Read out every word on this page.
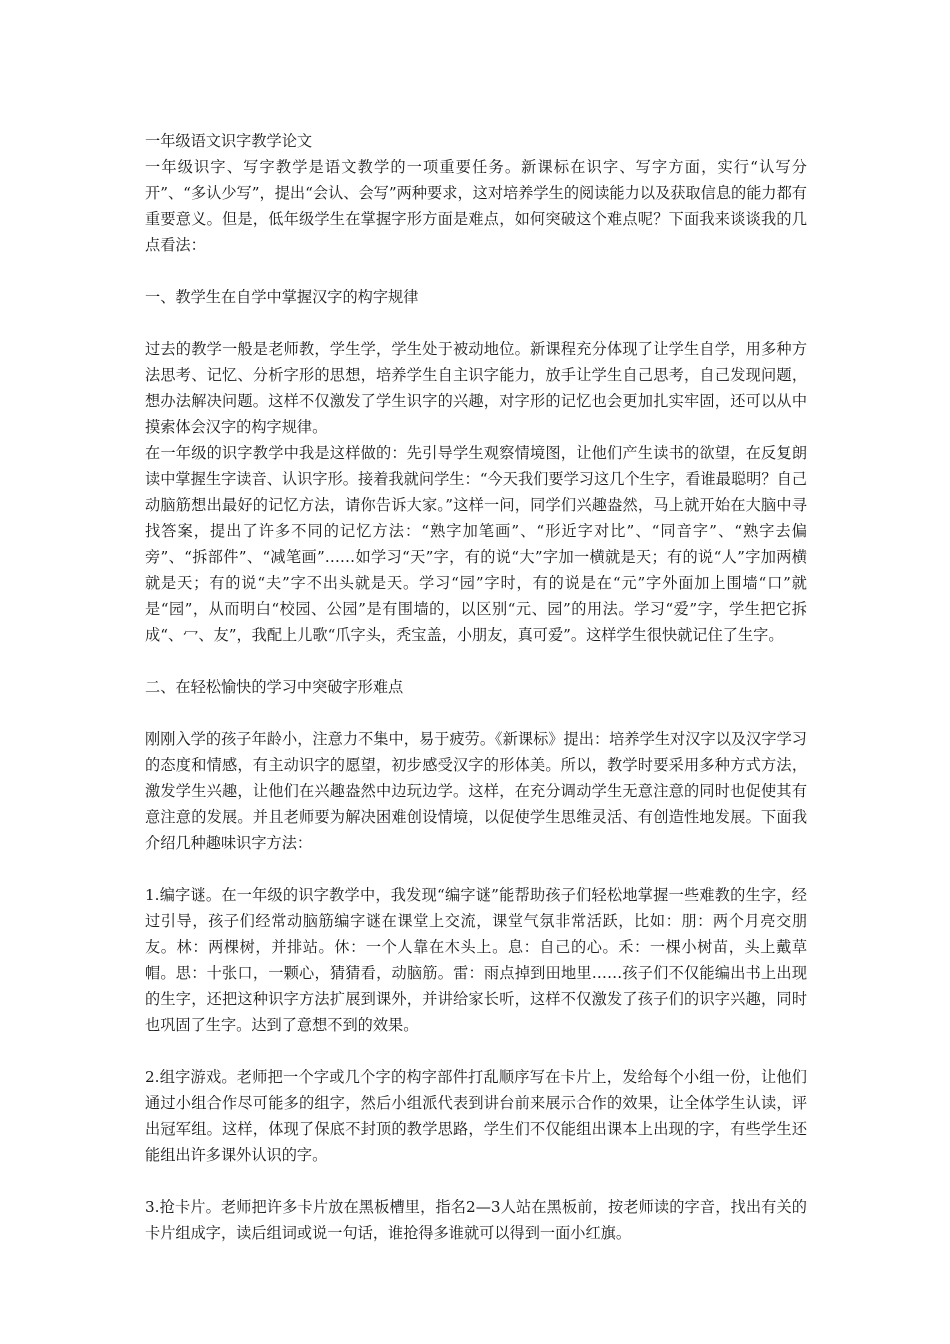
一年级语文识字教学论文

一年级识字、写字教学是语文教学的一项重要任务。新课标在识字、写字方面，实行“认写分开”、“多认少写”，提出“会认、会写”两种要求，这对培养学生的阅读能力以及获取信息的能力都有重要意义。但是，低年级学生在掌握字形方面是难点，如何突破这个难点呢？下面我来谈谈我的几点看法：

一、教学生在自学中掌握汉字的构字规律

过去的教学一般是老师教，学生学，学生处于被动地位。新课程充分体现了让学生自学，用多种方法思考、记忆、分析字形的思想，培养学生自主识字能力，放手让学生自己思考，自己发现问题，想办法解决问题。这样不仅激发了学生识字的兴趣，对字形的记忆也会更加扎实牢固，还可以从中摸索体会汉字的构字规律。

在一年级的识字教学中我是这样做的：先引导学生观察情境图，让他们产生读书的欲望，在反复朗读中掌握生字读音、认识字形。接着我就问学生：“今天我们要学习这几个生字，看谁最聪明？自己动脑筋想出最好的记忆方法，请你告诉大家。”这样一问，同学们兴趣盎然，马上就开始在大脑中寻找答案，提出了许多不同的记忆方法：“熟字加笔画”、“形近字对比”、“同音字”、“熟字去偏旁”、“拆部件”、“减笔画”……如学习“天”字，有的说“大”字加一横就是天；有的说“人”字加两横就是天；有的说“夫”字不出头就是天。学习“园”字时，有的说是在“元”字外面加上围墙“口”就是“园”，从而明白“校园、公园”是有围墙的，以区别“元、园”的用法。学习“爱”字，学生把它拆成“、冖、友”，我配上儿歌“爪字头，秃宝盖，小朋友，真可爱”。这样学生很快就记住了生字。

二、在轻松愉快的学习中突破字形难点

刚刚入学的孩子年龄小，注意力不集中，易于疲劳。《新课标》提出：培养学生对汉字以及汉字学习的态度和情感，有主动识字的愿望，初步感受汉字的形体美。所以，教学时要采用多种方式方法，激发学生兴趣，让他们在兴趣盎然中边玩边学。这样，在充分调动学生无意注意的同时也促使其有意注意的发展。并且老师要为解决困难创设情境，以促使学生思维灵活、有创造性地发展。下面我介绍几种趣味识字方法：

1.编字谜。在一年级的识字教学中，我发现“编字谜”能帮助孩子们轻松地掌握一些难教的生字，经过引导，孩子们经常动脑筋编字谜在课堂上交流，课堂气氛非常活跃，比如：朋：两个月亮交朋友。林：两棵树，并排站。休：一个人靠在木头上。息：自己的心。禾：一棵小树苗，头上戴草帽。思：十张口，一颗心，猜猜看，动脑筋。雷：雨点掉到田地里……孩子们不仅能编出书上出现的生字，还把这种识字方法扩展到课外，并讲给家长听，这样不仅激发了孩子们的识字兴趣，同时也巩固了生字。达到了意想不到的效果。

2.组字游戏。老师把一个字或几个字的构字部件打乱顺序写在卡片上，发给每个小组一份，让他们通过小组合作尽可能多的组字，然后小组派代表到讲台前来展示合作的效果，让全体学生认读，评出冠军组。这样，体现了保底不封顶的教学思路，学生们不仅能组出课本上出现的字，有些学生还能组出许多课外认识的字。

3.抢卡片。老师把许多卡片放在黑板槽里，指名2—3人站在黑板前，按老师读的字音，找出有关的卡片组成字，读后组词或说一句话，谁抢得多谁就可以得到一面小红旗。
